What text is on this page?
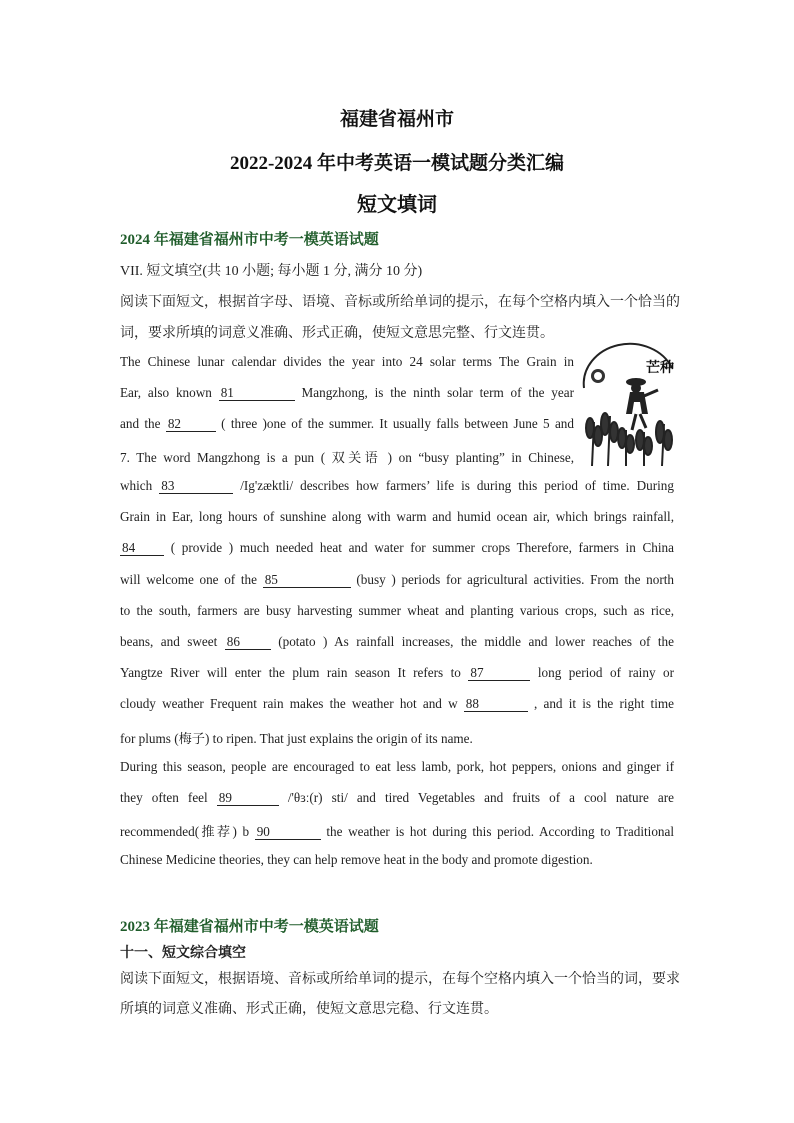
福建省福州市
2022-2024 年中考英语一模试题分类汇编
短文填词
2024 年福建省福州市中考一模英语试题
VII. 短文填空(共 10 小题; 每小题 1 分, 满分 10 分)
阅读下面短文，根据首字母、语境、音标或所给单词的提示，在每个空格内填入一个恰当的
词，要求所填的词意义准确、形式正确，使短文意思完整、行文连贯。
The Chinese lunar calendar divides the year into 24 solar terms The Grain in
Ear, also known 81	Mangzhong, is the ninth solar term of the year
and the 82	( three )one of the summer. It usually falls between June 5 and
7. The word Mangzhong is a pun ( 双关语 ) on “busy planting” in Chinese,
which 83	/Ig'zæktli/ describes how farmers’ life is during this period of time. During
Grain in Ear, long hours of sunshine along with warm and humid ocean air, which brings rainfall,
84	( provide ) much needed heat and water for summer crops Therefore, farmers in China
will welcome one of the 85	(busy ) periods for agricultural activities. From the north
to the south, farmers are busy harvesting summer wheat and planting various crops, such as rice,
beans, and sweet 86	(potato ) As rainfall increases, the middle and lower reaches of the
Yangtze River will enter the plum rain season It refers to 87	long period of rainy or
cloudy weather Frequent rain makes the weather hot and w 88	, and it is the right time
for plums (梅子) to ripen. That just explains the origin of its name.
During this season, people are encouraged to eat less lamb, pork, hot peppers, onions and ginger if
they often feel 89	/'θɜː(r) sti/ and tired Vegetables and fruits of a cool nature are
recommended(推荐) b 90	the weather is hot during this period. According to Traditional
Chinese Medicine theories, they can help remove heat in the body and promote digestion.
芒种
2023 年福建省福州市中考一模英语试题
十一、短文综合填空
阅读下面短文，根据语境、音标或所给单词的提示，在每个空格内填入一个恰当的词，要求
所填的词意义准确、形式正确，使短文意思完稳、行文连贯。
